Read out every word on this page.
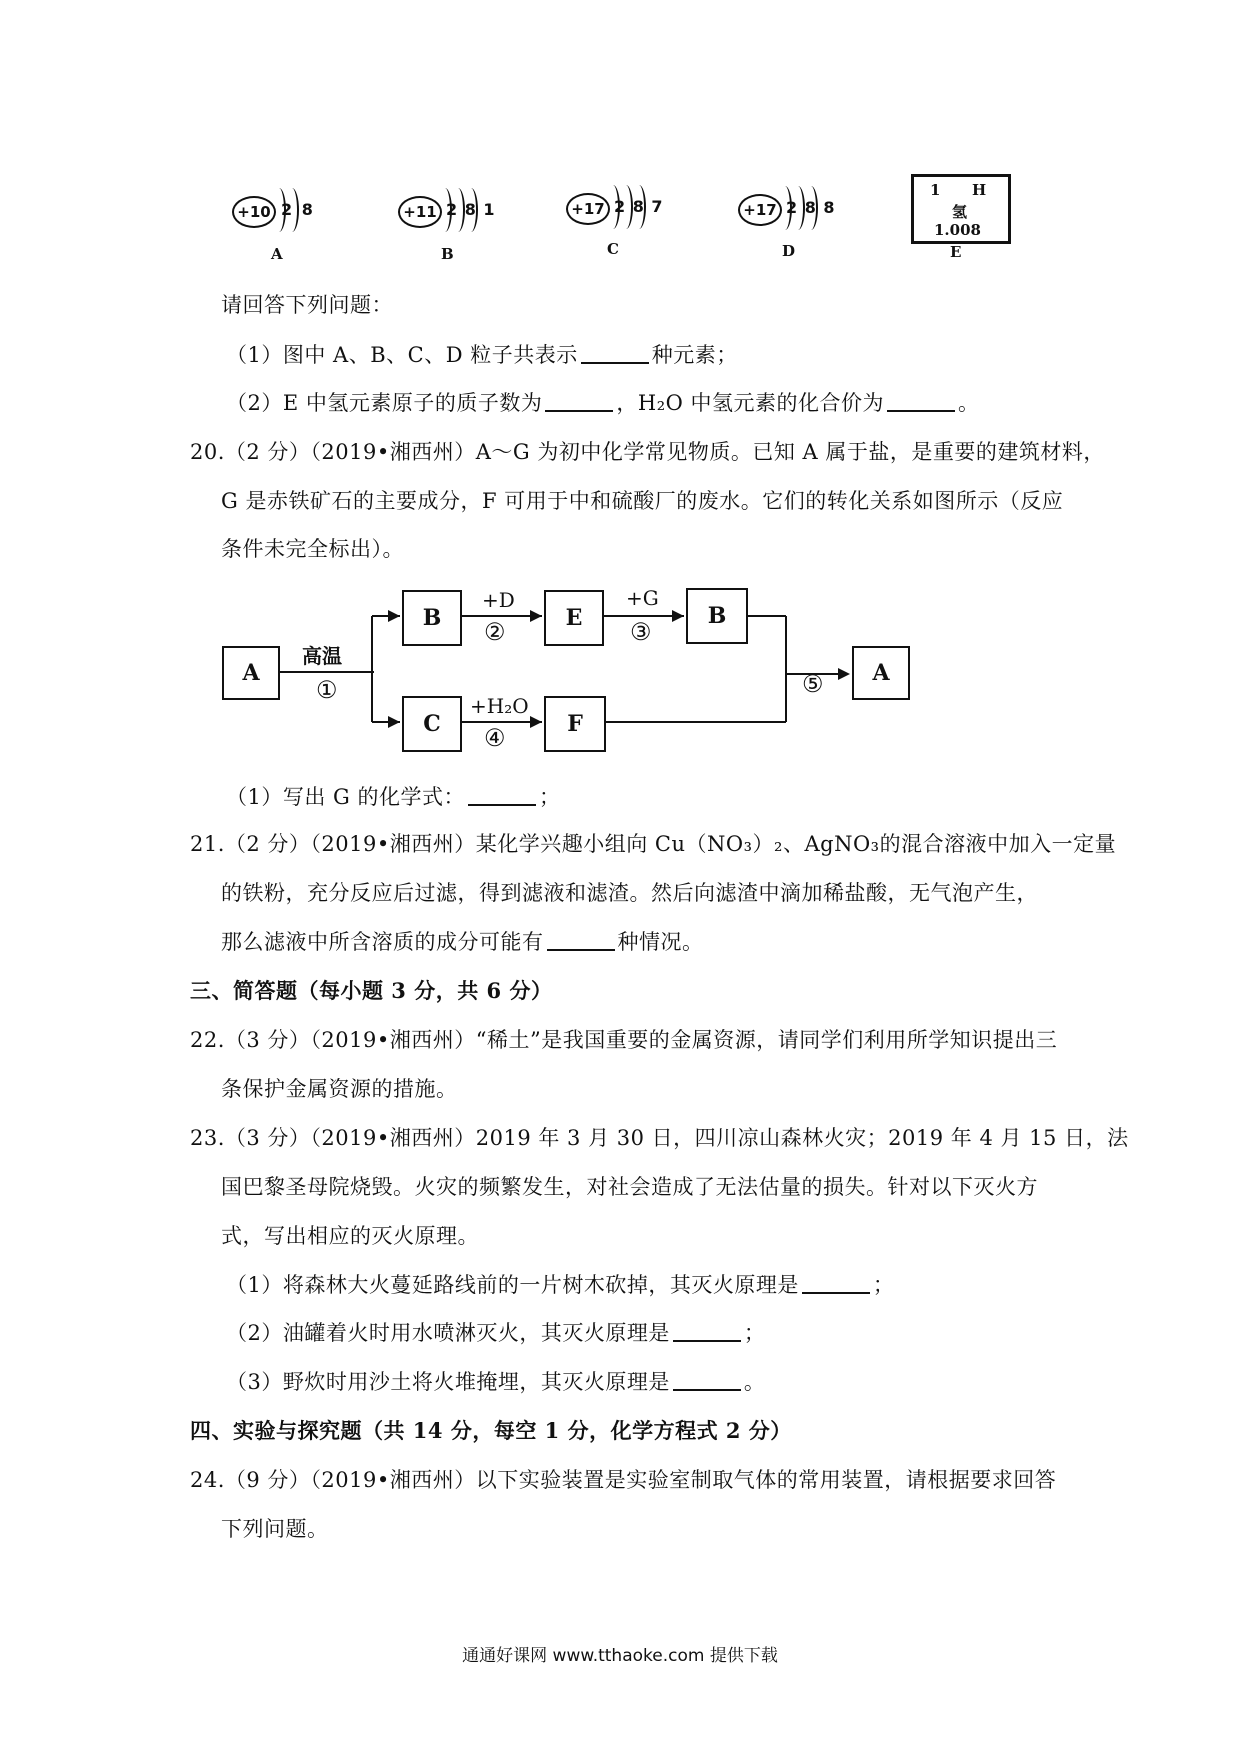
+10 2 8
A
+11 2 8 1
B
+17 2 8 7
C
+17 2 8 8
D
1 H
氢
1.008
E
请回答下列问题：
（1）图中 A、B、C、D 粒子共表示	种元素；
（2）E 中氢元素原子的质子数为	，H₂O 中氢元素的化合价为	。
20.（2 分）（2019•湘西州）A～G 为初中化学常见物质。已知 A 属于盐，是重要的建筑材料，
G 是赤铁矿石的主要成分，F 可用于中和硫酸厂的废水。它们的转化关系如图所示（反应
条件未完全标出）。
A
B	E	B
C	F
A
高温
①
+D
②
+G
③
+H₂O
④
⑤
（1）写出 G 的化学式：	；
21.（2 分）（2019•湘西州）某化学兴趣小组向 Cu（NO₃）₂、AgNO₃的混合溶液中加入一定量
的铁粉，充分反应后过滤，得到滤液和滤渣。然后向滤渣中滴加稀盐酸，无气泡产生，
那么滤液中所含溶质的成分可能有	种情况。
三、简答题（每小题 3 分，共 6 分）
22.（3 分）（2019•湘西州）“稀土”是我国重要的金属资源，请同学们利用所学知识提出三
条保护金属资源的措施。
23.（3 分）（2019•湘西州）2019 年 3 月 30 日，四川凉山森林火灾；2019 年 4 月 15 日，法
国巴黎圣母院烧毁。火灾的频繁发生，对社会造成了无法估量的损失。针对以下灭火方
式，写出相应的灭火原理。
（1）将森林大火蔓延路线前的一片树木砍掉，其灭火原理是	；
（2）油罐着火时用水喷淋灭火，其灭火原理是	；
（3）野炊时用沙土将火堆掩埋，其灭火原理是	。
四、实验与探究题（共 14 分，每空 1 分，化学方程式 2 分）
24.（9 分）（2019•湘西州）以下实验装置是实验室制取气体的常用装置，请根据要求回答
下列问题。
通通好课网 www.tthaoke.com 提供下载
